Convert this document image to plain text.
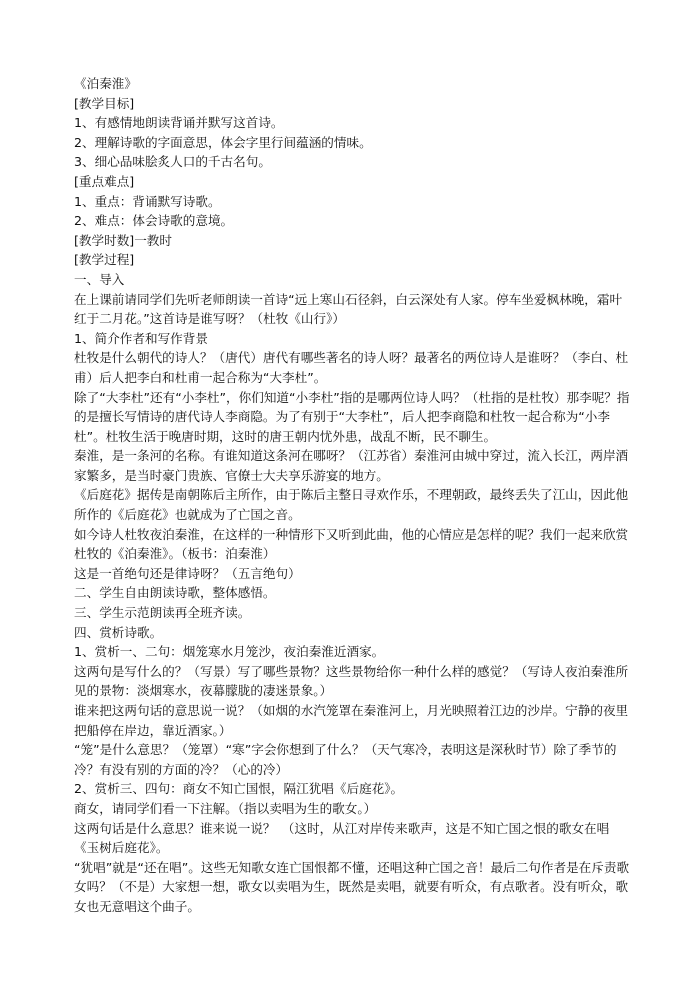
《泊秦淮》

[教学目标]

1、有感情地朗读背诵并默写这首诗。

2、理解诗歌的字面意思，体会字里行间蕴涵的情味。

3、细心品味脍炙人口的千古名句。

[重点难点]

1、重点：背诵默写诗歌。

2、难点：体会诗歌的意境。

[教学时数]一教时

[教学过程]

一、导入

在上课前请同学们先听老师朗读一首诗“远上寒山石径斜，白云深处有人家。停车坐爱枫林晚，霜叶红于二月花。”这首诗是谁写呀？（杜牧《山行》）

1、简介作者和写作背景

杜牧是什么朝代的诗人？（唐代）唐代有哪些著名的诗人呀？最著名的两位诗人是谁呀？（李白、杜甫）后人把李白和杜甫一起合称为“大李杜”。

除了“大李杜”还有“小李杜”，你们知道“小李杜”指的是哪两位诗人吗？（杜指的是杜牧）那李呢？指的是擅长写情诗的唐代诗人李商隐。为了有别于“大李杜”，后人把李商隐和杜牧一起合称为“小李杜”。杜牧生活于晚唐时期，这时的唐王朝内忧外患，战乱不断，民不聊生。

秦淮，是一条河的名称。有谁知道这条河在哪呀？（江苏省）秦淮河由城中穿过，流入长江，两岸酒家繁多，是当时豪门贵族、官僚士大夫享乐游宴的地方。

《后庭花》据传是南朝陈后主所作，由于陈后主整日寻欢作乐，不理朝政，最终丢失了江山，因此他所作的《后庭花》也就成为了亡国之音。

如今诗人杜牧夜泊秦淮，在这样的一种情形下又听到此曲，他的心情应是怎样的呢？我们一起来欣赏杜牧的《泊秦淮》。（板书：泊秦淮）

这是一首绝句还是律诗呀？（五言绝句）

二、学生自由朗读诗歌，整体感悟。

三、学生示范朗读再全班齐读。

四、赏析诗歌。

1、赏析一、二句：烟笼寒水月笼沙，夜泊秦淮近酒家。

这两句是写什么的？（写景）写了哪些景物？这些景物给你一种什么样的感觉？（写诗人夜泊秦淮所见的景物：淡烟寒水，夜幕朦胧的凄迷景象。）

谁来把这两句话的意思说一说？（如烟的水汽笼罩在秦淮河上，月光映照着江边的沙岸。宁静的夜里把船停在岸边，靠近酒家。）

“笼”是什么意思？（笼罩）“寒”字会你想到了什么？（天气寒冷，表明这是深秋时节）除了季节的冷？有没有别的方面的冷？（心的冷）

2、赏析三、四句：商女不知亡国恨，隔江犹唱《后庭花》。

商女，请同学们看一下注解。（指以卖唱为生的歌女。）

这两句话是什么意思？谁来说一说？　（这时，从江对岸传来歌声，这是不知亡国之恨的歌女在唱《玉树后庭花》。

“犹唱”就是“还在唱”。这些无知歌女连亡国恨都不懂，还唱这种亡国之音！最后二句作者是在斥责歌女吗？（不是）大家想一想，歌女以卖唱为生，既然是卖唱，就要有听众，有点歌者。没有听众，歌女也无意唱这个曲子。
